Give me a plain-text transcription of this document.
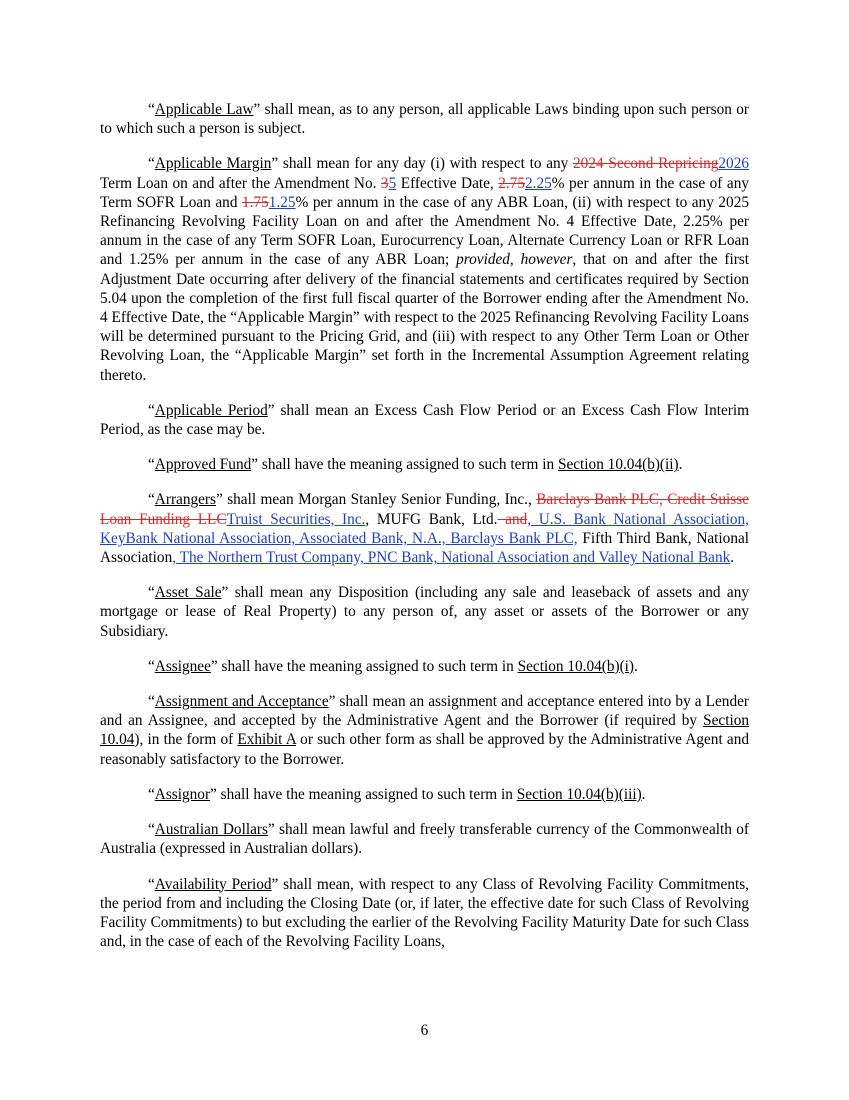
“Applicable Law” shall mean, as to any person, all applicable Laws binding upon such person or to which such a person is subject.

“Applicable Margin” shall mean for any day (i) with respect to any 2024 Second Repricing2026 Term Loan on and after the Amendment No. 35 Effective Date, 2.752.25% per annum in the case of any Term SOFR Loan and 1.751.25% per annum in the case of any ABR Loan, (ii) with respect to any 2025 Refinancing Revolving Facility Loan on and after the Amendment No. 4 Effective Date, 2.25% per annum in the case of any Term SOFR Loan, Eurocurrency Loan, Alternate Currency Loan or RFR Loan and 1.25% per annum in the case of any ABR Loan; provided, however, that on and after the first Adjustment Date occurring after delivery of the financial statements and certificates required by Section 5.04 upon the completion of the first full fiscal quarter of the Borrower ending after the Amendment No. 4 Effective Date, the “Applicable Margin” with respect to the 2025 Refinancing Revolving Facility Loans will be determined pursuant to the Pricing Grid, and (iii) with respect to any Other Term Loan or Other Revolving Loan, the “Applicable Margin” set forth in the Incremental Assumption Agreement relating thereto.

“Applicable Period” shall mean an Excess Cash Flow Period or an Excess Cash Flow Interim Period, as the case may be.

“Approved Fund” shall have the meaning assigned to such term in Section 10.04(b)(ii).

“Arrangers” shall mean Morgan Stanley Senior Funding, Inc., Barclays Bank PLC, Credit Suisse Loan Funding LLCTruist Securities, Inc., MUFG Bank, Ltd. and, U.S. Bank National Association, KeyBank National Association, Associated Bank, N.A., Barclays Bank PLC, Fifth Third Bank, National Association, The Northern Trust Company, PNC Bank, National Association and Valley National Bank.

“Asset Sale” shall mean any Disposition (including any sale and leaseback of assets and any mortgage or lease of Real Property) to any person of, any asset or assets of the Borrower or any Subsidiary.

“Assignee” shall have the meaning assigned to such term in Section 10.04(b)(i).

“Assignment and Acceptance” shall mean an assignment and acceptance entered into by a Lender and an Assignee, and accepted by the Administrative Agent and the Borrower (if required by Section 10.04), in the form of Exhibit A or such other form as shall be approved by the Administrative Agent and reasonably satisfactory to the Borrower.

“Assignor” shall have the meaning assigned to such term in Section 10.04(b)(iii).

“Australian Dollars” shall mean lawful and freely transferable currency of the Commonwealth of Australia (expressed in Australian dollars).

“Availability Period” shall mean, with respect to any Class of Revolving Facility Commitments, the period from and including the Closing Date (or, if later, the effective date for such Class of Revolving Facility Commitments) to but excluding the earlier of the Revolving Facility Maturity Date for such Class and, in the case of each of the Revolving Facility Loans,

6
